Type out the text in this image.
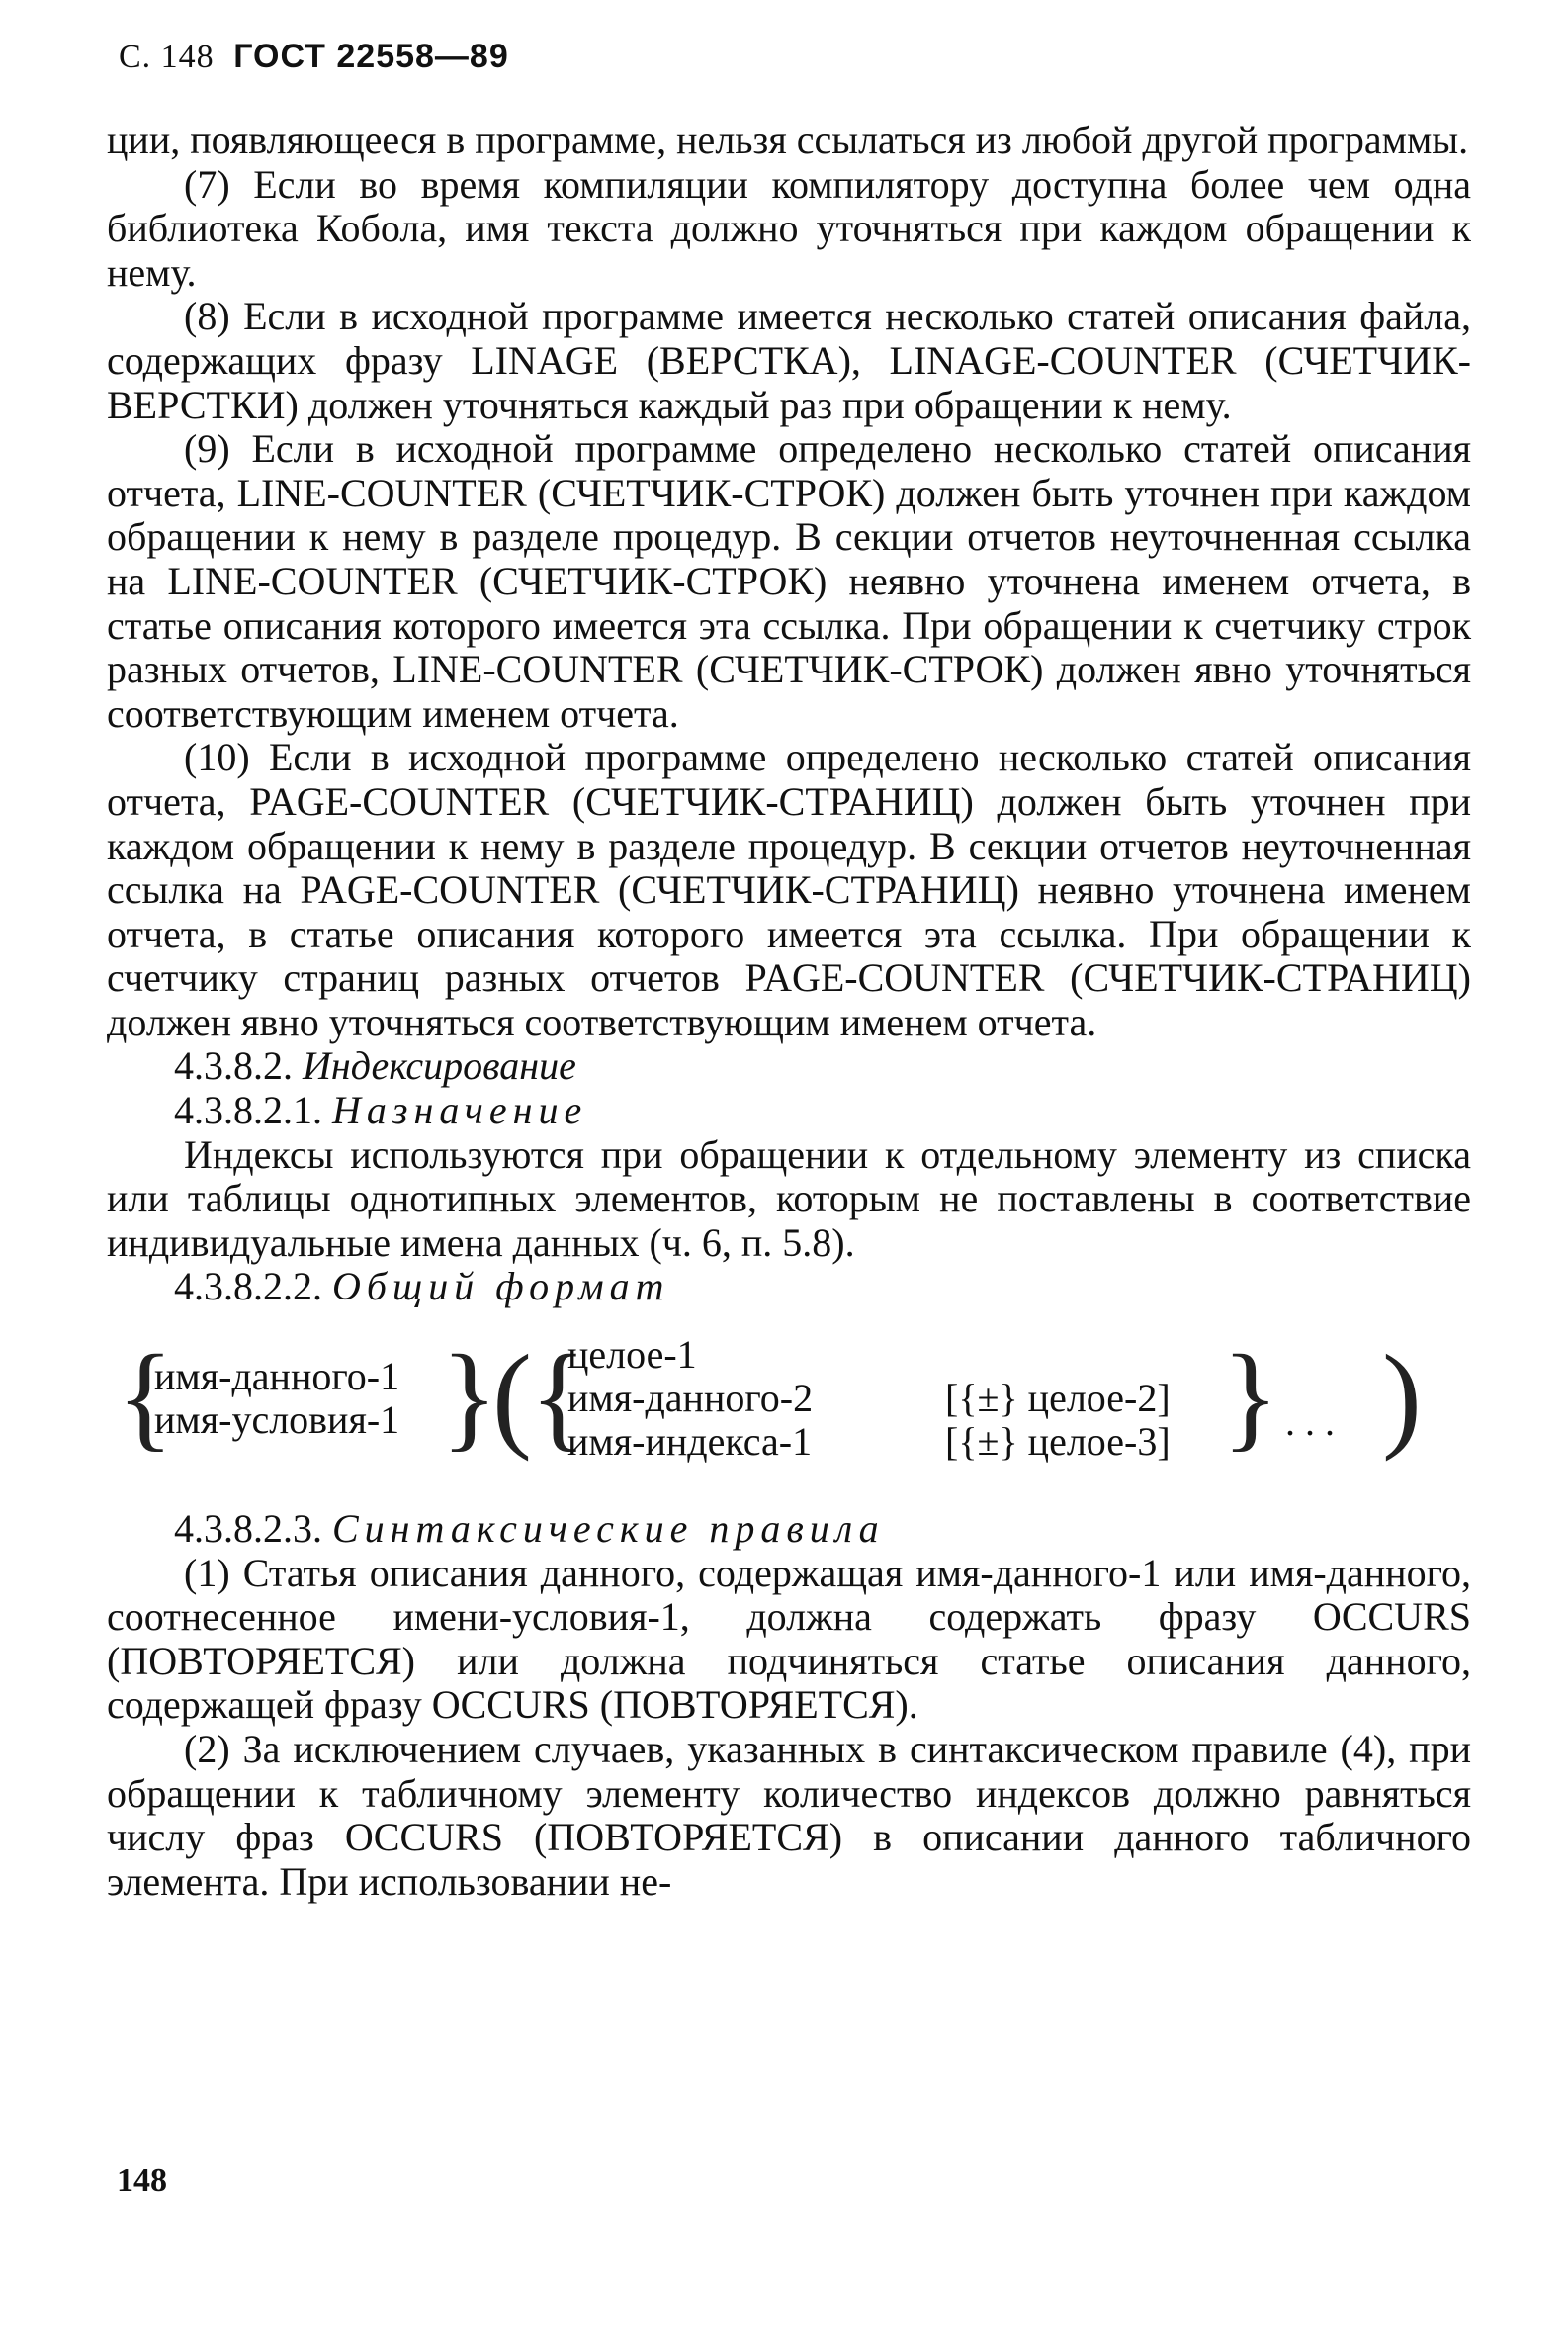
С. 148 ГОСТ 22558—89

ции, появляющееся в программе, нельзя ссылаться из любой другой программы.

(7) Если во время компиляции компилятору доступна более чем одна библиотека Кобола, имя текста должно уточняться при каждом обращении к нему.

(8) Если в исходной программе имеется несколько статей описания файла, содержащих фразу LINAGE (ВЕРСТКА), LINAGE-COUNTER (СЧЕТЧИК-ВЕРСТКИ) должен уточняться каждый раз при обращении к нему.

(9) Если в исходной программе определено несколько статей описания отчета, LINE-COUNTER (СЧЕТЧИК-СТРОК) должен быть уточнен при каждом обращении к нему в разделе процедур. В секции отчетов неуточненная ссылка на LINE-COUNTER (СЧЕТЧИК-СТРОК) неявно уточнена именем отчета, в статье описания которого имеется эта ссылка. При обращении к счетчику строк разных отчетов, LINE-COUNTER (СЧЕТЧИК-СТРОК) должен явно уточняться соответствующим именем отчета.

(10) Если в исходной программе определено несколько статей описания отчета, PAGE-COUNTER (СЧЕТЧИК-СТРАНИЦ) должен быть уточнен при каждом обращении к нему в разделе процедур. В секции отчетов неуточненная ссылка на PAGE-COUNTER (СЧЕТЧИК-СТРАНИЦ) неявно уточнена именем отчета, в статье описания которого имеется эта ссылка. При обращении к счетчику страниц разных отчетов PAGE-COUNTER (СЧЕТЧИК-СТРАНИЦ) должен явно уточняться соответствующим именем отчета.

4.3.8.2. Индексирование

4.3.8.2.1. Назначение

Индексы используются при обращении к отдельному элементу из списка или таблицы однотипных элементов, которым не поставлены в соответствие индивидуальные имена данных (ч. 6, п. 5.8).

4.3.8.2.2. Общий формат

{
имя-данного-1
имя-условия-1 }
(
{
целое-1
имя-данного-2
имя-индекса-1
[{±} целое-2]
[{±} целое-3] } . . . )

4.3.8.2.3. Синтаксические правила

(1) Статья описания данного, содержащая имя-данного-1 или имя-данного, соотнесенное имени-условия-1, должна содержать фразу OCCURS (ПОВТОРЯЕТСЯ) или должна подчиняться статье описания данного, содержащей фразу OCCURS (ПОВТОРЯЕТСЯ).

(2) За исключением случаев, указанных в синтаксическом правиле (4), при обращении к табличному элементу количество индексов должно равняться числу фраз OCCURS (ПОВТОРЯЕТСЯ) в описании данного табличного элемента. При использовании не-

148
